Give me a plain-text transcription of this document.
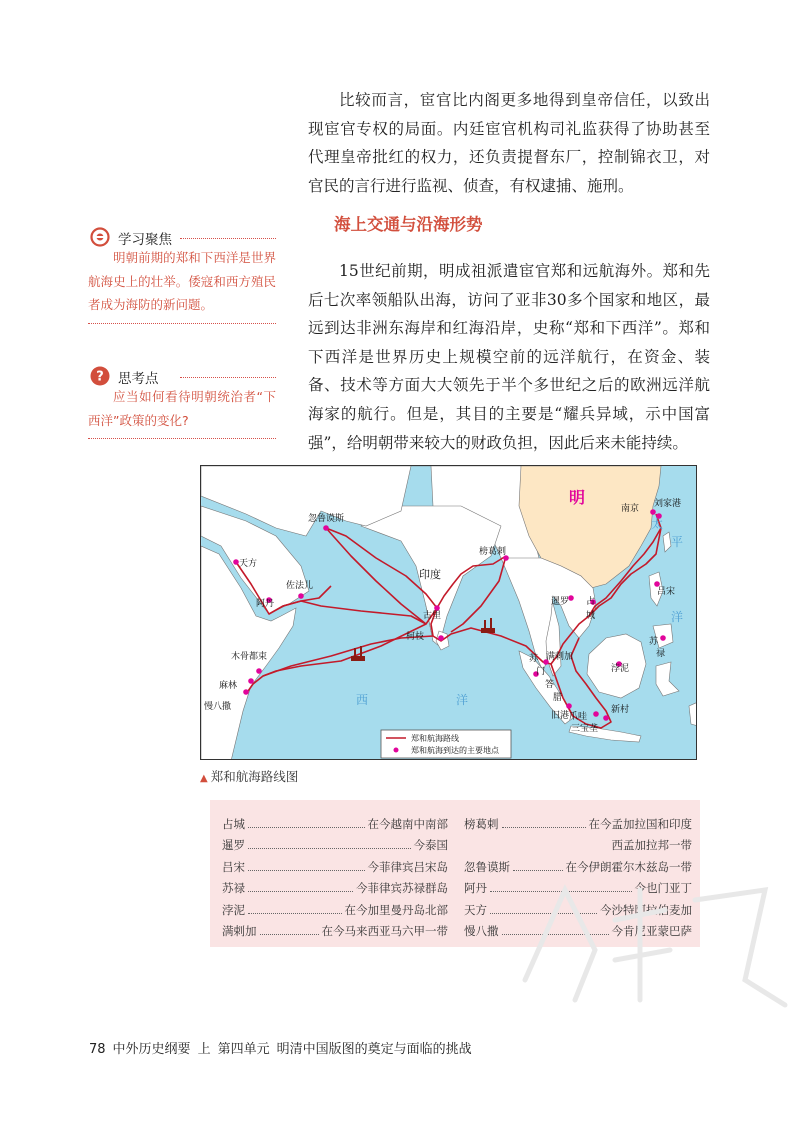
比较而言，宦官比内阁更多地得到皇帝信任，以致出现宦官专权的局面。内廷宦官机构司礼监获得了协助甚至代理皇帝批红的权力，还负责提督东厂，控制锦衣卫，对官民的言行进行监视、侦查，有权逮捕、施刑。

海上交通与沿海形势

15世纪前期，明成祖派遣宦官郑和远航海外。郑和先后七次率领船队出海，访问了亚非30多个国家和地区，最远到达非洲东海岸和红海沿岸，史称“郑和下西洋”。郑和下西洋是世界历史上规模空前的远洋航行，在资金、装备、技术等方面大大领先于半个多世纪之后的欧洲远洋航海家的航行。但是，其目的主要是“耀兵异域，示中国富强”，给明朝带来较大的财政负担，因此后来未能持续。

学习聚焦

明朝前期的郑和下西洋是世界航海史上的壮举。倭寇和西方殖民者成为海防的新问题。

? 思考点

应当如何看待明朝统治者“下西洋”政策的变化?

明
南京 刘家港
忽鲁谟斯
天方
阿丹
佐法儿
榜葛剌
印度
古里
柯枝
木骨都束
麻林
慢八撒
暹罗 占
城
吕宋
苏
禄
浡泥
满剌加
苏
门
答
腊
旧港 爪哇
三宝垄
新村
西	洋
太
平
洋
郑和航海路线
郑和航海到达的主要地点

▲ 郑和航海路线图

占城	在今越南中南部
暹罗	今泰国
吕宋	今菲律宾吕宋岛
苏禄	今菲律宾苏禄群岛
浡泥	在今加里曼丹岛北部
满剌加	在今马来西亚马六甲一带
榜葛剌	在今孟加拉国和印度
西孟加拉邦一带
忽鲁谟斯	在今伊朗霍尔木兹岛一带
阿丹	今也门亚丁
天方	今沙特阿拉伯麦加
慢八撒	今肯尼亚蒙巴萨

78 中外历史纲要 上 第四单元 明清中国版图的奠定与面临的挑战
